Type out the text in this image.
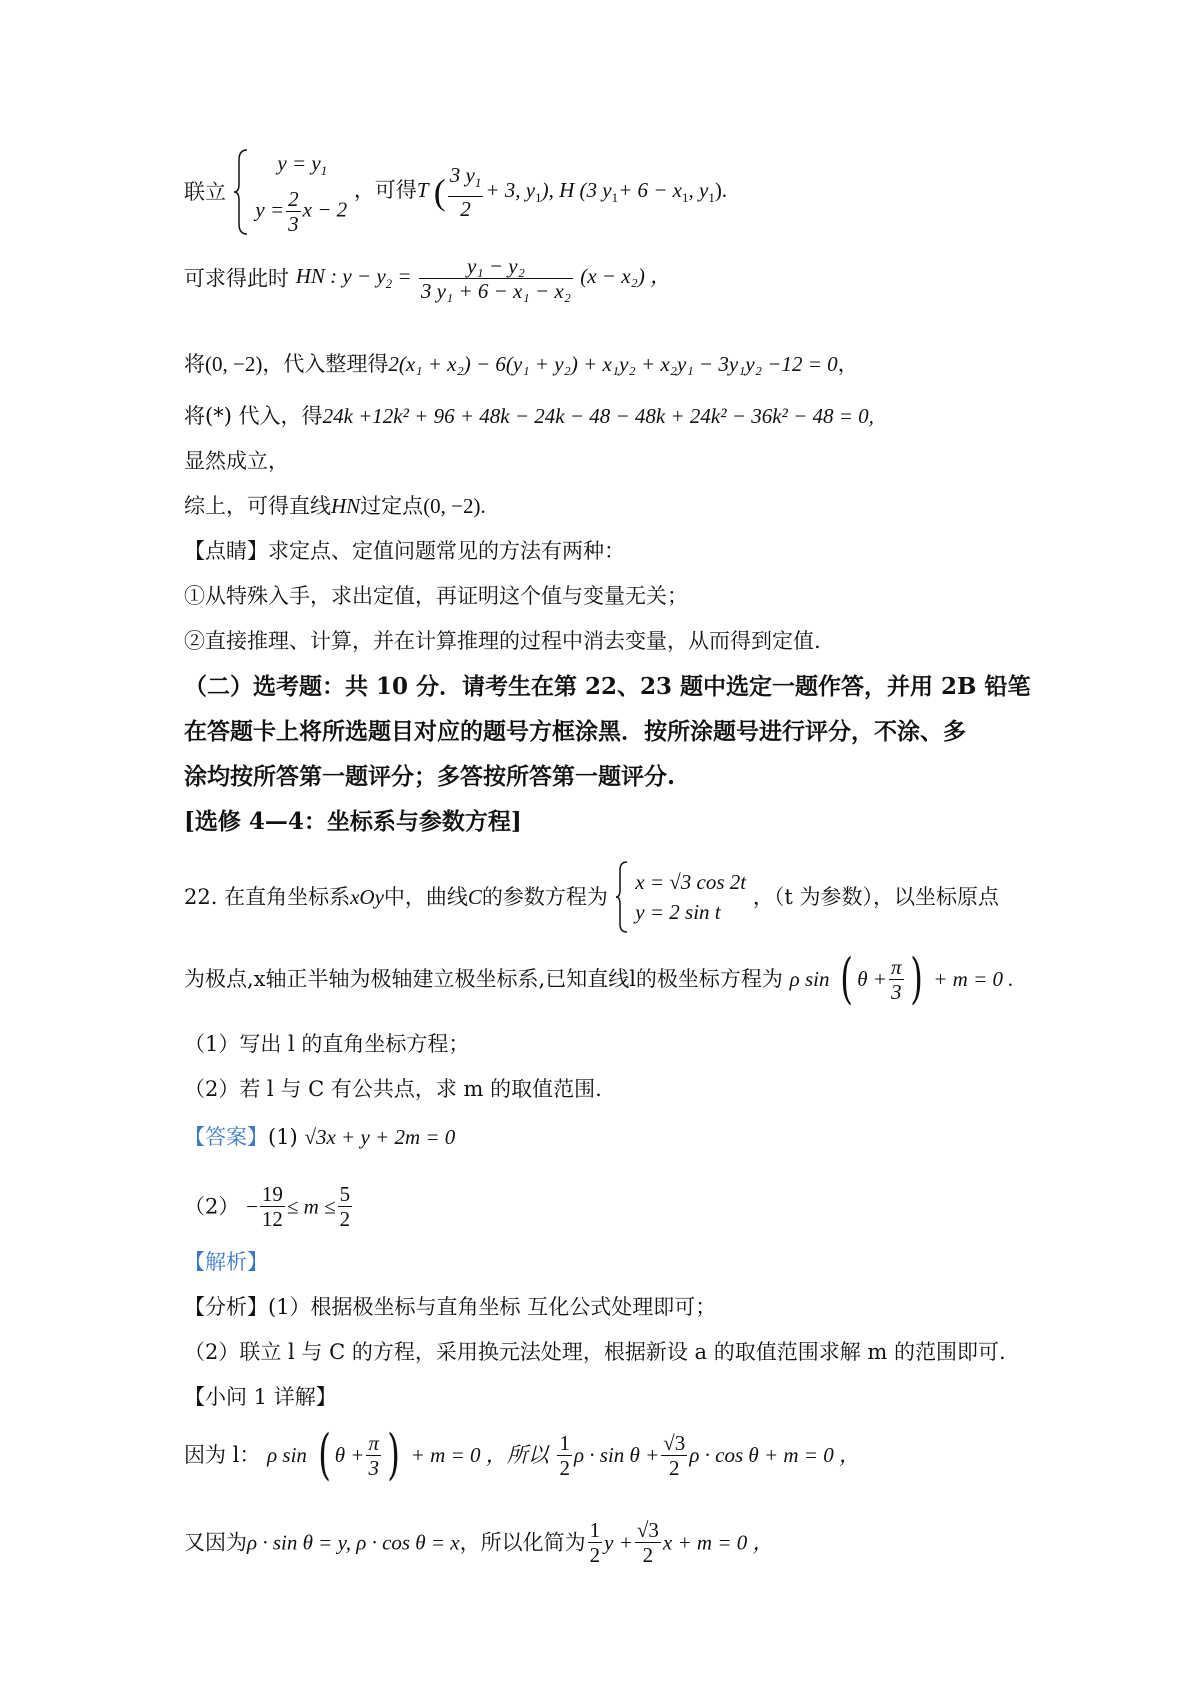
联立
$y = y_1$
$y = \frac{2}{3}$ x − 2
，可得T ( $\frac{3 y_1}{2} + 3$, $y_1$), H (3 $y_1+ 6 - x_1$, $y_1$).
可求得此时 HN : $y - y_2 = \frac{\text{y₁ − y₂}}{\text{3 y₁ + 6 − x₁ − x₂}} (x - x_2)$ ，
将(0, −2)，代入整理得2(x₁ + x₂) − 6(y₁ + y₂) + x₁y₂ + x₂y₁ − 3y₁y₂ −12 = 0，
将(*) 代入，得24k +12k² + 96 + 48k − 24k − 48 − 48k + 24k² − 36k² − 48 = 0,
显然成立，
综上，可得直线HN过定点(0, −2).
【点睛】求定点、定值问题常见的方法有两种：
①从特殊入手，求出定值，再证明这个值与变量无关；
②直接推理、计算，并在计算推理的过程中消去变量，从而得到定值.
（二）选考题：共 10 分．请考生在第 22、23 题中选定一题作答，并用 2B 铅笔
在答题卡上将所选题目对应的题号方框涂黑．按所涂题号进行评分，不涂、多
涂均按所答第一题评分；多答按所答第一题评分.
[选修 4—4：坐标系与参数方程]
22. 在直角坐标系xOy中，曲线C的参数方程为
x = √3 cos 2t
y = 2 sin t
，（t 为参数），以坐标原点
为极点,x轴正半轴为极轴建立极坐标系,已知直线l的极坐标方程为 ρ sin ( $\theta + \frac{\pi}{3}$ ) + m = 0 .
（1）写出 l 的直角坐标方程；
（2）若 l 与 C 有公共点，求 m 的取值范围.
【答案】(1) √3x + y + 2m = 0
$(2) - \frac{19}{12} \le m \le \frac{5}{2}$
【解析】
【分析】(1）根据极坐标与直角坐标 互化公式处理即可；
（2）联立 l 与 C 的方程，采用换元法处理，根据新设 a 的取值范围求解 m 的范围即可.
【小问 1 详解】
因为 l： ρ sin ( $\theta + \frac{\pi}{3}$ ) + m = 0 ，所以 $\frac{1}{2}$ $\rho \cdot \sin \theta + \frac{√3}{2}$ ρ · cos θ + m = 0 ，
又因为ρ · sin θ = y, ρ · cos θ = x，所以化简为 $\frac{1}{2}$ $y + \frac{√3}{2}$ x + m = 0 ，
